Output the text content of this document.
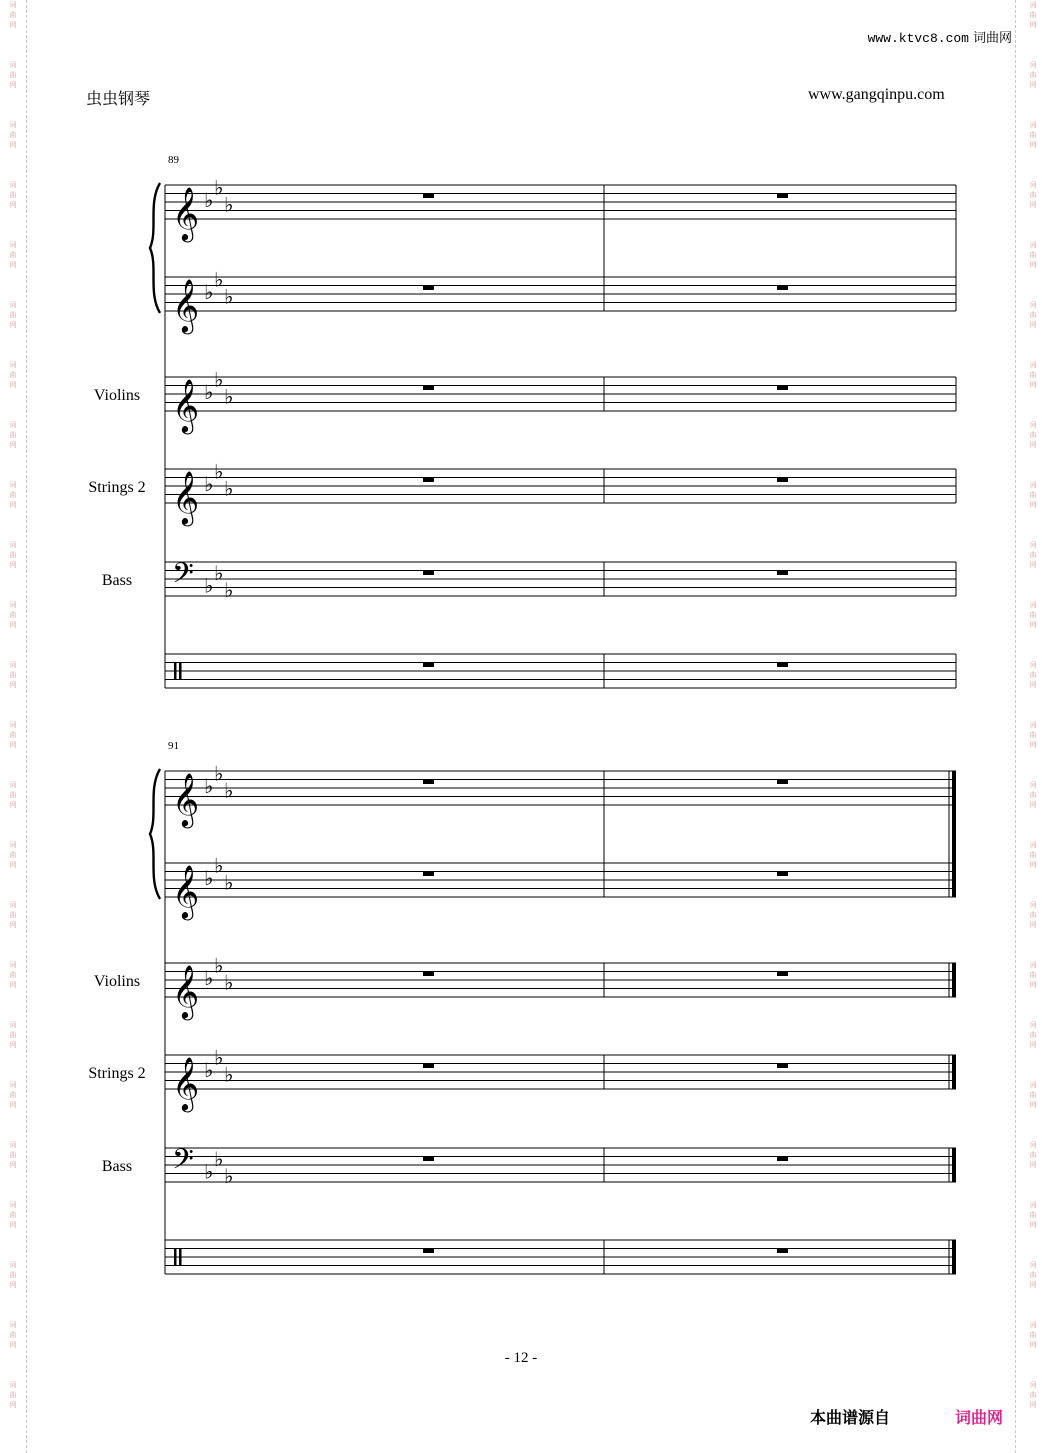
词
曲
网
词
曲
网
词
曲
网
词
曲
网
词
曲
网
词
曲
网
词
曲
网
词
曲
网
词
曲
网
词
曲
网
词
曲
网
词
曲
网
词
曲
网
词
曲
网
词
曲
网
词
曲
网
词
曲
网
词
曲
网
词
曲
网
词
曲
网
词
曲
网
词
曲
网
词
曲
网
词
曲
网
词
曲
网
词
曲
网
词
曲
网
词
曲
网
词
曲
网
词
曲
网
词
曲
网
词
曲
网
词
曲
网
词
曲
网
词
曲
网
词
曲
网
词
曲
网
词
曲
网
词
曲
网
词
曲
网
词
曲
网
词
曲
网
词
曲
网
词
曲
网
词
曲
网
词
曲
网
词
曲
网
词
曲
网
www.ktvc8.com 词曲网
虫虫钢琴	www.gangqinpu.com
89
𝄞 ♭
♭
♭
𝄞 ♭
♭
♭
Violins 𝄞 ♭
♭
♭
Strings 2 𝄞 ♭
♭
♭
Bass 𝄢 ♭
♭
♭
91
𝄞 ♭
♭
♭
𝄞 ♭
♭
♭
Violins 𝄞 ♭
♭
♭
Strings 2 𝄞 ♭
♭
♭
Bass 𝄢 ♭
♭
♭
- 12 -
本曲谱源自	词曲网
